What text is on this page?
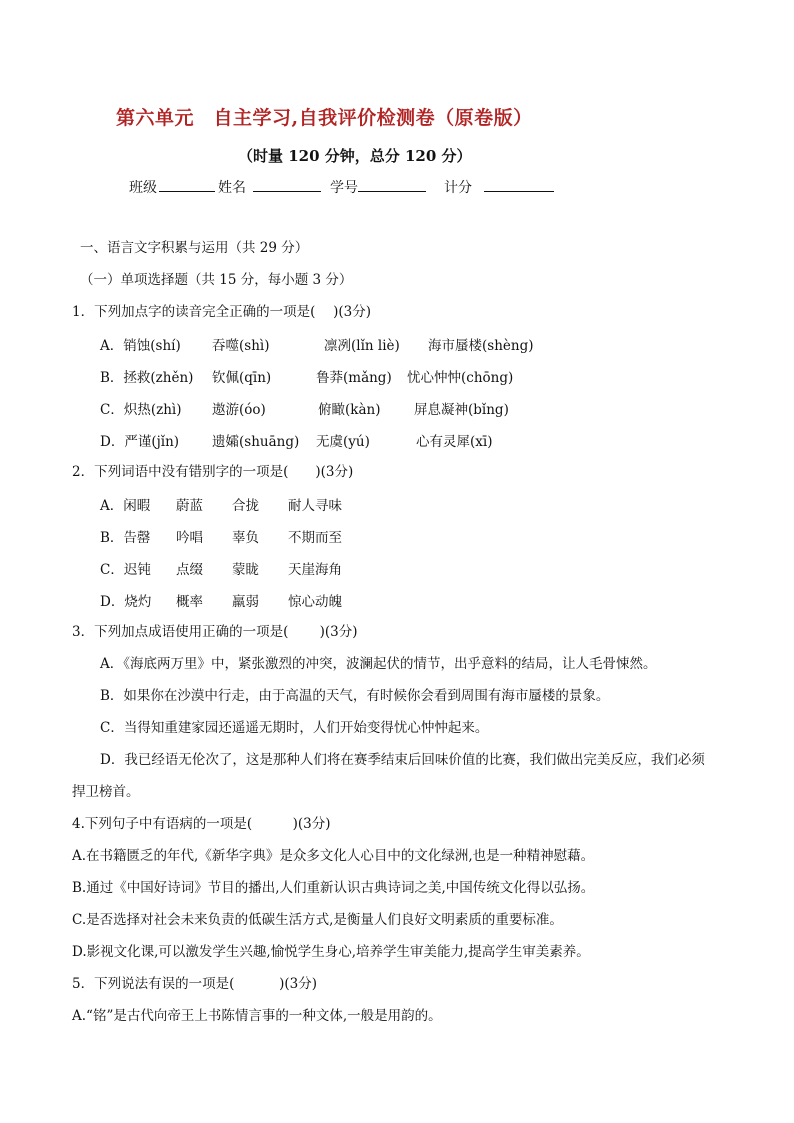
第六单元　自主学习,自我评价检测卷（原卷版）
（时量 120 分钟，总分 120 分）
班级	姓名	学号	计分
一、语言文字积累与运用（共 29 分）
（一）单项选择题（共 15 分，每小题 3 分）
1．下列加点字的读音完全正确的一项是(　 )(3分)
A．销蚀(shí) 吞噬(shì)	凛冽(lǐn liè) 海市蜃楼(shèng)
B．拯救(zhěn) 钦佩(qīn)	鲁莽(mǎng) 忧心忡忡(chōng)
C．炽热(zhì) 遨游(óo)	俯瞰(kàn) 屏息凝神(bǐng)
D．严谨(jǐn) 遗孀(shuāng) 无虞(yú)	心有灵犀(xī)
2．下列词语中没有错别字的一项是(　　)(3分)
A．闲暇 蔚蓝 合拢 耐人寻味
B．告罄 吟唱 辜负 不期而至
C．迟钝 点缀 蒙眬 天崖海角
D．烧灼 概率 羸弱 惊心动魄
3．下列加点成语使用正确的一项是(　　 )(3分)
A．《海底两万里》中，紧张激烈的冲突，波澜起伏的情节，出乎意料的结局，让人毛骨悚然。
B．如果你在沙漠中行走，由于高温的天气，有时候你会看到周围有海市蜃楼的景象。
C．当得知重建家园还遥遥无期时，人们开始变得忧心忡忡起来。
D．我已经语无伦次了，这是那种人们将在赛季结束后回味价值的比赛，我们做出完美反应，我们必须
捍卫榜首。
4.下列句子中有语病的一项是(　　　)(3分)
A.在书籍匮乏的年代,《新华字典》是众多文化人心目中的文化绿洲,也是一种精神慰藉。
B.通过《中国好诗词》节目的播出,人们重新认识古典诗词之美,中国传统文化得以弘扬。
C.是否选择对社会未来负责的低碳生活方式,是衡量人们良好文明素质的重要标准。
D.影视文化课,可以激发学生兴趣,愉悦学生身心,培养学生审美能力,提高学生审美素养。
5．下列说法有误的一项是(　　　 )(3分)
A.“铭”是古代向帝王上书陈情言事的一种文体,一般是用韵的。
